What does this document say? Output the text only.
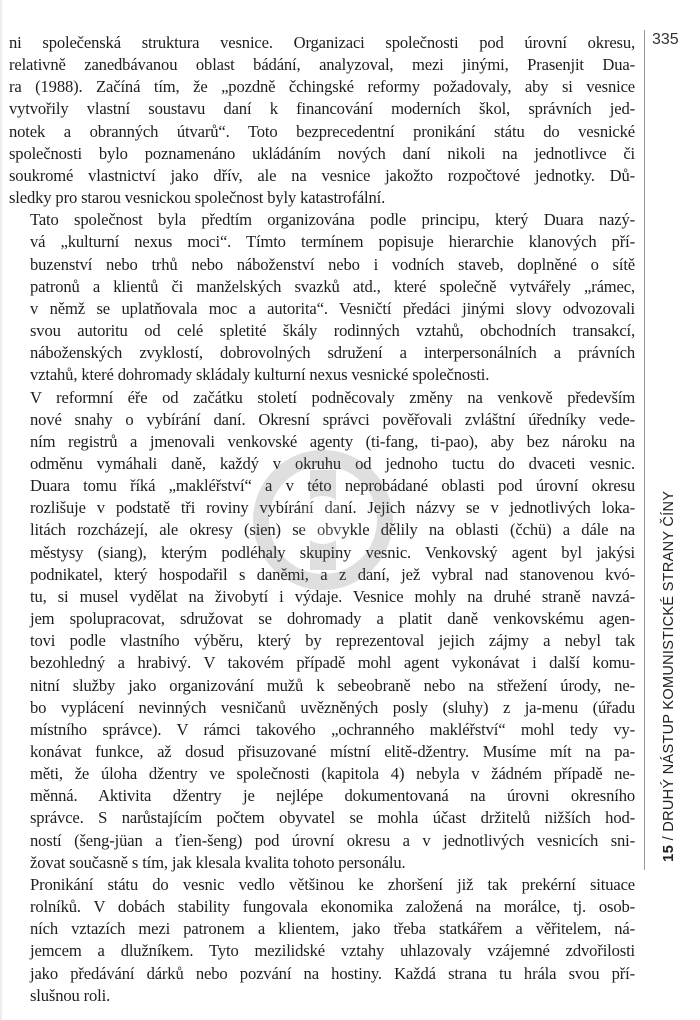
ni společenská struktura vesnice. Organizaci společnosti pod úrovní okresu,
relativně zanedbávanou oblast bádání, analyzoval, mezi jinými, Prasenjit Dua-
ra (1988). Začíná tím, že „pozdně čchingské reformy požadovaly, aby si vesnice
vytvořily vlastní soustavu daní k financování moderních škol, správních jed-
notek a obranných útvarů“. Toto bezprecedentní pronikání státu do vesnické
společnosti bylo poznamenáno ukládáním nových daní nikoli na jednotlivce či
soukromé vlastnictví jako dřív, ale na vesnice jakožto rozpočtové jednotky. Dů-
sledky pro starou vesnickou společnost byly katastrofální.

Tato společnost byla předtím organizována podle principu, který Duara nazý-
vá „kulturní nexus moci“. Tímto termínem popisuje hierarchie klanových pří-
buzenství nebo trhů nebo náboženství nebo i vodních staveb, doplněné o sítě
patronů a klientů či manželských svazků atd., které společně vytvářely „rámec,
v němž se uplatňovala moc a autorita“. Vesničtí předáci jinými slovy odvozovali
svou autoritu od celé spletité škály rodinných vztahů, obchodních transakcí,
náboženských zvyklostí, dobrovolných sdružení a interpersonálních a právních
vztahů, které dohromady skládaly kulturní nexus vesnické společnosti.

V reformní éře od začátku století podněcovaly změny na venkově především
nové snahy o vybírání daní. Okresní správci pověřovali zvláštní úředníky vede-
ním registrů a jmenovali venkovské agenty (ti-fang, ti-pao), aby bez nároku na
odměnu vymáhali daně, každý v okruhu od jednoho tuctu do dvaceti vesnic.
Duara tomu říká „makléřství“ a v této neprobádané oblasti pod úrovní okresu
rozlišuje v podstatě tři roviny vybírání daní. Jejich názvy se v jednotlivých loka-
litách rozcházejí, ale okresy (sien) se obvykle dělily na oblasti (čchü) a dále na
městysy (siang), kterým podléhaly skupiny vesnic. Venkovský agent byl jakýsi
podnikatel, který hospodařil s daněmi, a z daní, jež vybral nad stanovenou kvó-
tu, si musel vydělat na živobytí i výdaje. Vesnice mohly na druhé straně navzá-
jem spolupracovat, sdružovat se dohromady a platit daně venkovskému agen-
tovi podle vlastního výběru, který by reprezentoval jejich zájmy a nebyl tak
bezohledný a hrabivý. V takovém případě mohl agent vykonávat i další komu-
nitní služby jako organizování mužů k sebeobraně nebo na střežení úrody, ne-
bo vyplácení nevinných vesničanů uvězněných posly (sluhy) z ja-menu (úřadu
místního správce). V rámci takového „ochranného makléřství“ mohl tedy vy-
konávat funkce, až dosud přisuzované místní elitě-džentry. Musíme mít na pa-
měti, že úloha džentry ve společnosti (kapitola 4) nebyla v žádném případě ne-
měnná. Aktivita džentry je nejlépe dokumentovaná na úrovni okresního
správce. S narůstajícím počtem obyvatel se mohla účast držitelů nižších hod-
ností (šeng-jüan a ťien-šeng) pod úrovní okresu a v jednotlivých vesnicích sni-
žovat současně s tím, jak klesala kvalita tohoto personálu.

Pronikání státu do vesnic vedlo většinou ke zhoršení již tak prekérní situace
rolníků. V dobách stability fungovala ekonomika založená na morálce, tj. osob-
ních vztazích mezi patronem a klientem, jako třeba statkářem a věřitelem, ná-
jemcem a dlužníkem. Tyto mezilidské vztahy uhlazovaly vzájemné zdvořilosti
jako předávání dárků nebo pozvání na hostiny. Každá strana tu hrála svou pří-
slušnou roli.

335
15 / DRUHÝ NÁSTUP KOMUNISTICKÉ STRANY ČÍNY
